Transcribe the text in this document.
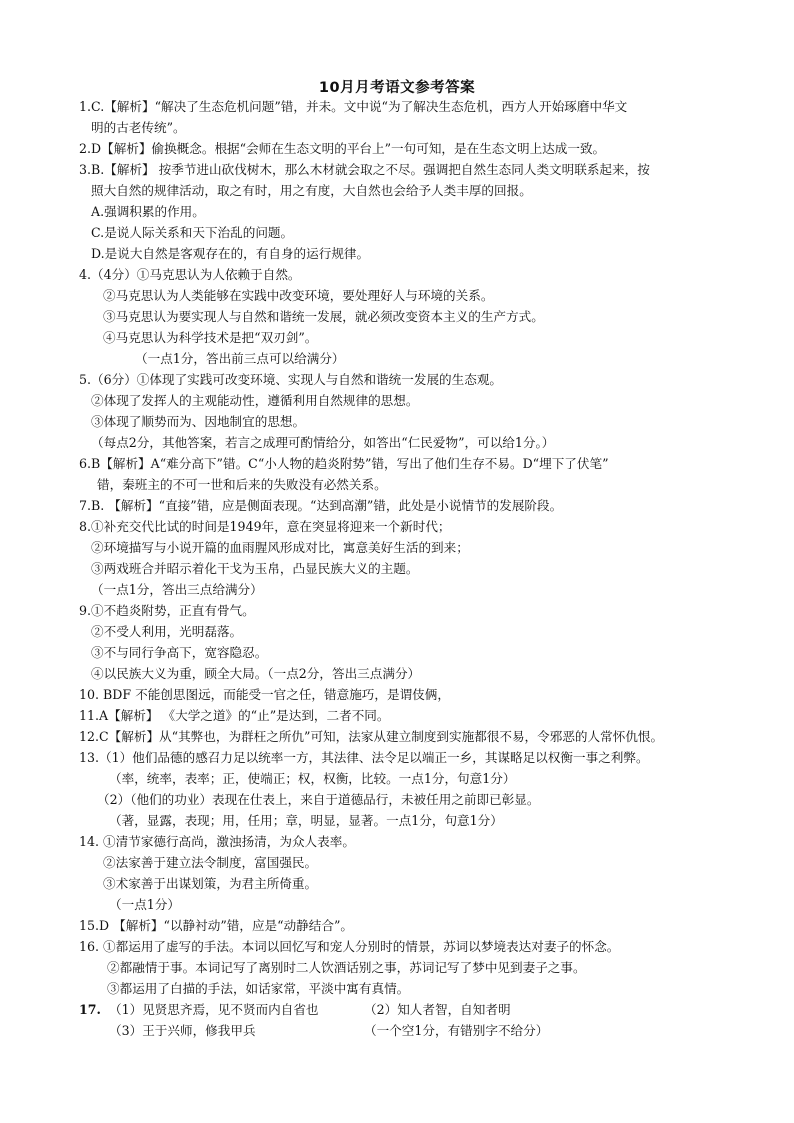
10月月考语文参考答案
1.C.【解析】“解决了生态危机问题”错，并未。文中说“为了解决生态危机，西方人开始琢磨中华文
明的古老传统”。
2.D【解析】偷换概念。根据“会师在生态文明的平台上”一句可知，是在生态文明上达成一致。
3.B.【解析】 按季节进山砍伐树木，那么木材就会取之不尽。强调把自然生态同人类文明联系起来，按
照大自然的规律活动，取之有时，用之有度，大自然也会给予人类丰厚的回报。
A.强调积累的作用。
C.是说人际关系和天下治乱的问题。
D.是说大自然是客观存在的，有自身的运行规律。
4.（4分）①马克思认为人依赖于自然。
②马克思认为人类能够在实践中改变环境，要处理好人与环境的关系。
③马克思认为要实现人与自然和谐统一发展，就必须改变资本主义的生产方式。
④马克思认为科学技术是把“双刃剑”。
（一点1分，答出前三点可以给满分）
5.（6分）①体现了实践可改变环境、实现人与自然和谐统一发展的生态观。
②体现了发挥人的主观能动性，遵循利用自然规律的思想。
③体现了顺势而为、因地制宜的思想。
（每点2分，其他答案，若言之成理可酌情给分，如答出“仁民爱物”，可以给1分。）
6.B【解析】A“难分高下”错。C“小人物的趋炎附势”错，写出了他们生存不易。D“埋下了伏笔”
错，秦班主的不可一世和后来的失败没有必然关系。
7.B. 【解析】“直接”错，应是侧面表现。“达到高潮”错，此处是小说情节的发展阶段。
8.①补充交代比试的时间是1949年，意在突显将迎来一个新时代；
②环境描写与小说开篇的血雨腥风形成对比，寓意美好生活的到来；
③两戏班合并昭示着化干戈为玉帛，凸显民族大义的主题。
（一点1分，答出三点给满分）
9.①不趋炎附势，正直有骨气。
②不受人利用，光明磊落。
③不与同行争高下，宽容隐忍。
④以民族大义为重，顾全大局。（一点2分，答出三点满分）
10. BDF 不能创思图远，而能受一官之任，错意施巧，是谓伎俩，
11.A【解析】 《大学之道》的“止”是达到，二者不同。
12.C【解析】从“其弊也，为群枉之所仇”可知，法家从建立制度到实施都很不易，令邪恶的人常怀仇恨。
13.（1）他们品德的感召力足以统率一方，其法律、法令足以端正一乡，其谋略足以权衡一事之利弊。
（率，统率，表率；正，使端正；权，权衡，比较。一点1分，句意1分）
（2）（他们的功业）表现在仕表上，来自于道德品行，未被任用之前即已彰显。
（著，显露，表现；用，任用；章，明显，显著。一点1分，句意1分）
14. ①清节家德行高尚，激浊扬清，为众人表率。
②法家善于建立法令制度，富国强民。
③术家善于出谋划策，为君主所倚重。
（一点1分）
15.D 【解析】“以静衬动”错，应是“动静结合”。
16. ①都运用了虚写的手法。本词以回忆写和宠人分别时的情景，苏词以梦境表达对妻子的怀念。
②都融情于事。本词记写了离别时二人饮酒话别之事，苏词记写了梦中见到妻子之事。
③都运用了白描的手法，如话家常，平淡中寓有真情。
17. （1）见贤思齐焉，见不贤而内自省也	（2）知人者智，自知者明
（3）王于兴师，修我甲兵	（一个空1分，有错别字不给分）
